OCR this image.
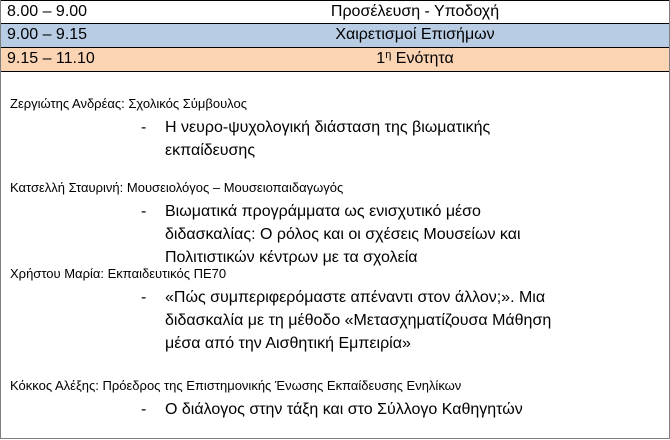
8.00 – 9.00	Προσέλευση - Υποδοχή
9.00 – 9.15	Χαιρετισμοί Επισήμων
9.15 – 11.10	$1^\eta$ Ενότητα
Ζεργιώτης Ανδρέας: Σχολικός Σύμβουλος
- Η νευρο-ψυχολογική διάσταση της βιωματικής
εκπαίδευσης
Κατσελλή Σταυρινή: Μουσειολόγος – Μουσειοπαιδαγωγός
- Βιωματικά προγράμματα ως ενισχυτικό μέσο
διδασκαλίας: Ο ρόλος και οι σχέσεις Μουσείων και
Πολιτιστικών κέντρων με τα σχολεία
Χρήστου Μαρία: Εκπαιδευτικός ΠΕ70
- «Πώς συμπεριφερόμαστε απέναντι στον άλλον;». Μια
διδασκαλία με τη μέθοδο «Μετασχηματίζουσα Μάθηση
μέσα από την Αισθητική Εμπειρία»
Κόκκος Αλέξης: Πρόεδρος της Επιστημονικής Ένωσης Εκπαίδευσης Ενηλίκων
- Ο διάλογος στην τάξη και στο Σύλλογο Καθηγητών
